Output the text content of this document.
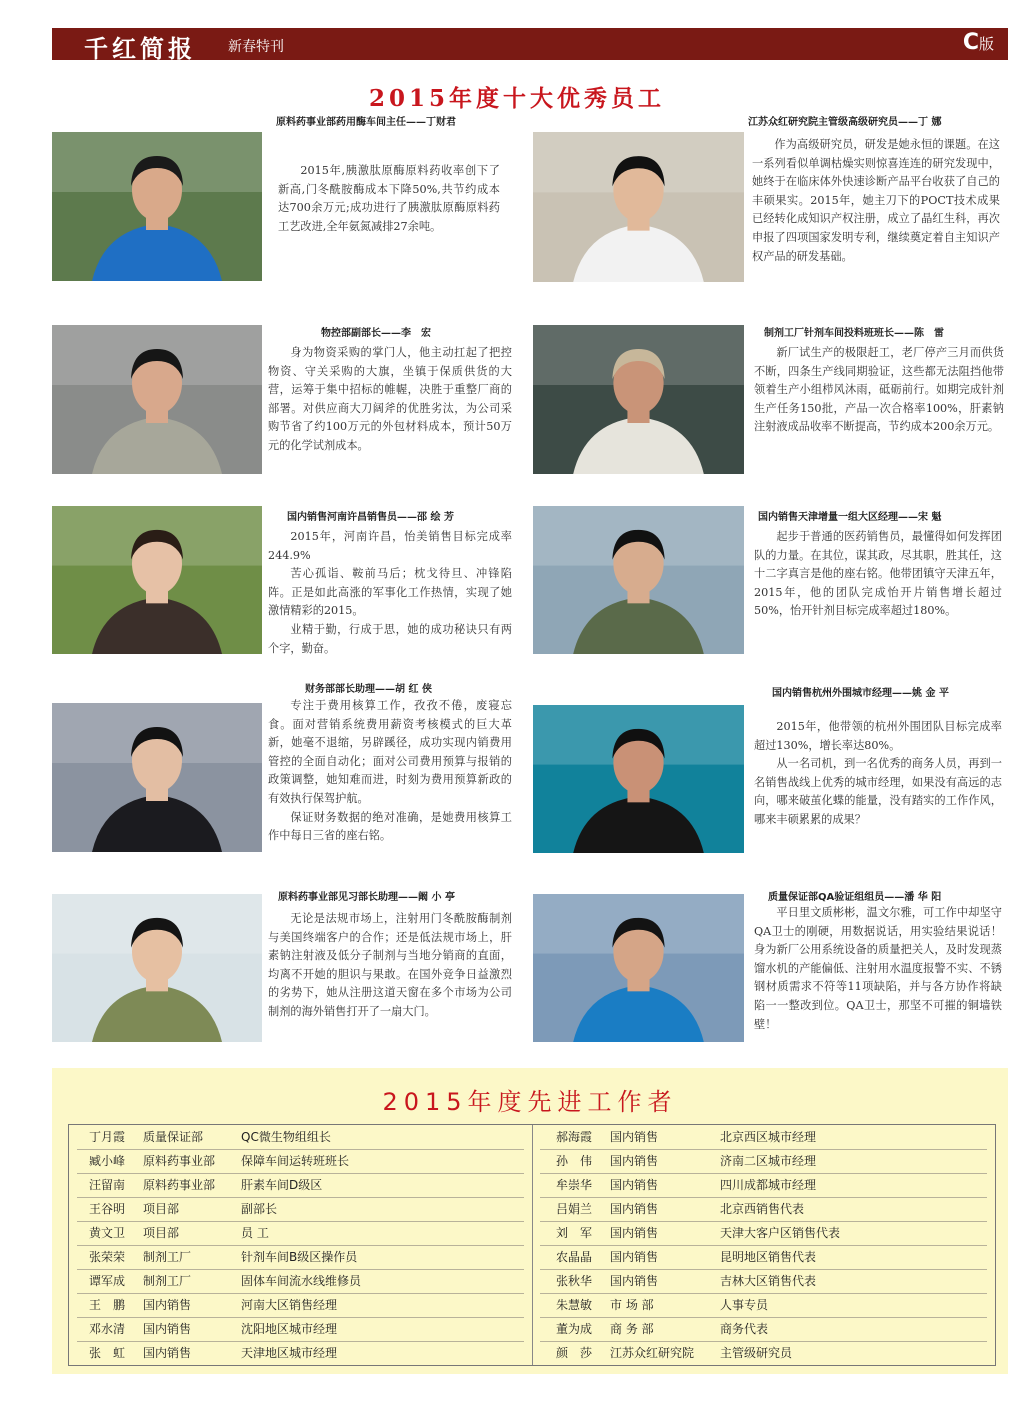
千红简报 新春特刊	C版
2015年度十大优秀员工
原料药事业部药用酶车间主任——丁财君

2015年,胰激肽原酶原料药收率创下了新高,门冬酰胺酶成本下降50%,共节约成本达700余万元;成功进行了胰激肽原酶原料药工艺改进,全年氨氮减排27余吨。

江苏众红研究院主管级高级研究员——丁 娜

作为高级研究员，研发是她永恒的课题。在这一系列看似单调枯燥实则惊喜连连的研究发现中，她终于在临床体外快速诊断产品平台收获了自己的丰硕果实。2015年，她主刀下的POCT技术成果已经转化成知识产权注册，成立了晶红生科，再次申报了四项国家发明专利，继续奠定着自主知识产权产品的研发基础。

物控部副部长——李　宏

身为物资采购的掌门人，他主动扛起了把控物资、守关采购的大旗，坐镇于保质供货的大营，运筹于集中招标的帷幄，决胜于重整厂商的部署。对供应商大刀阔斧的优胜劣汰，为公司采购节省了约100万元的外包材料成本，预计50万元的化学试剂成本。

制剂工厂针剂车间投料班班长——陈　雷

新厂试生产的极限赶工，老厂停产三月而供货不断，四条生产线同期验证，这些都无法阻挡他带领着生产小组栉风沐雨，砥砺前行。如期完成针剂生产任务150批，产品一次合格率100%，肝素钠注射液成品收率不断提高，节约成本200余万元。

国内销售河南许昌销售员——邵 绘 芳

2015年，河南许昌，怡美销售目标完成率244.9%

苦心孤诣、鞍前马后；枕戈待旦、冲锋陷阵。正是如此高涨的军事化工作热情，实现了她激情精彩的2015。

业精于勤，行成于思，她的成功秘诀只有两个字，勤奋。

国内销售天津增量一组大区经理——宋 魁

起步于普通的医药销售员，最懂得如何发挥团队的力量。在其位，谋其政，尽其职，胜其任，这十二字真言是他的座右铭。他带团镇守天津五年，2015年，他的团队完成怡开片销售增长超过50%，怡开针剂目标完成率超过180%。

财务部部长助理——胡 红 侠

专注于费用核算工作，孜孜不倦，废寝忘食。面对营销系统费用薪资考核模式的巨大革新，她毫不退缩，另辟蹊径，成功实现内销费用管控的全面自动化；面对公司费用预算与报销的政策调整，她知难而进，时刻为费用预算新政的有效执行保驾护航。

保证财务数据的绝对准确，是她费用核算工作中每日三省的座右铭。

国内销售杭州外围城市经理——姚 金 平

2015年，他带领的杭州外围团队目标完成率超过130%，增长率达80%。

从一名司机，到一名优秀的商务人员，再到一名销售战线上优秀的城市经理，如果没有高远的志向，哪来破茧化蝶的能量，没有踏实的工作作风，哪来丰硕累累的成果？

原料药事业部见习部长助理——阚 小 亭

无论是法规市场上，注射用门冬酰胺酶制剂与美国终端客户的合作；还是低法规市场上，肝素钠注射液及低分子制剂与当地分销商的直面，均离不开她的胆识与果敢。在国外竞争日益激烈的劣势下，她从注册这道天窗在多个市场为公司制剂的海外销售打开了一扇大门。

质量保证部QA验证组组员——潘 华 阳

平日里文质彬彬，温文尔雅，可工作中却坚守QA卫士的刚硬，用数据说话，用实验结果说话！身为新厂公用系统设备的质量把关人，及时发现蒸馏水机的产能偏低、注射用水温度报警不实、不锈钢材质需求不符等11项缺陷，并与各方协作将缺陷一一整改到位。QA卫士，那坚不可摧的铜墙铁壁！

2015年度先进工作者
丁月霞 质量保证部	QC微生物组组长
臧小峰 原料药事业部 保障车间运转班班长
汪留南 原料药事业部 肝素车间D级区
王谷明 项目部	副部长
黄文卫 项目部	员 工
张荣荣 制剂工厂	针剂车间B级区操作员
谭军成 制剂工厂	固体车间流水线维修员
王　鹏 国内销售	河南大区销售经理
邓水清 国内销售	沈阳地区城市经理
张　虹 国内销售	天津地区城市经理
郝海霞 国内销售	北京西区城市经理
孙　伟 国内销售	济南二区城市经理
牟崇华 国内销售	四川成都城市经理
吕娟兰 国内销售	北京西销售代表
刘　军 国内销售	天津大客户区销售代表
农晶晶 国内销售	昆明地区销售代表
张秋华 国内销售	吉林大区销售代表
朱慧敏 市 场 部	人事专员
董为成 商 务 部	商务代表
颜　莎 江苏众红研究院 主管级研究员
